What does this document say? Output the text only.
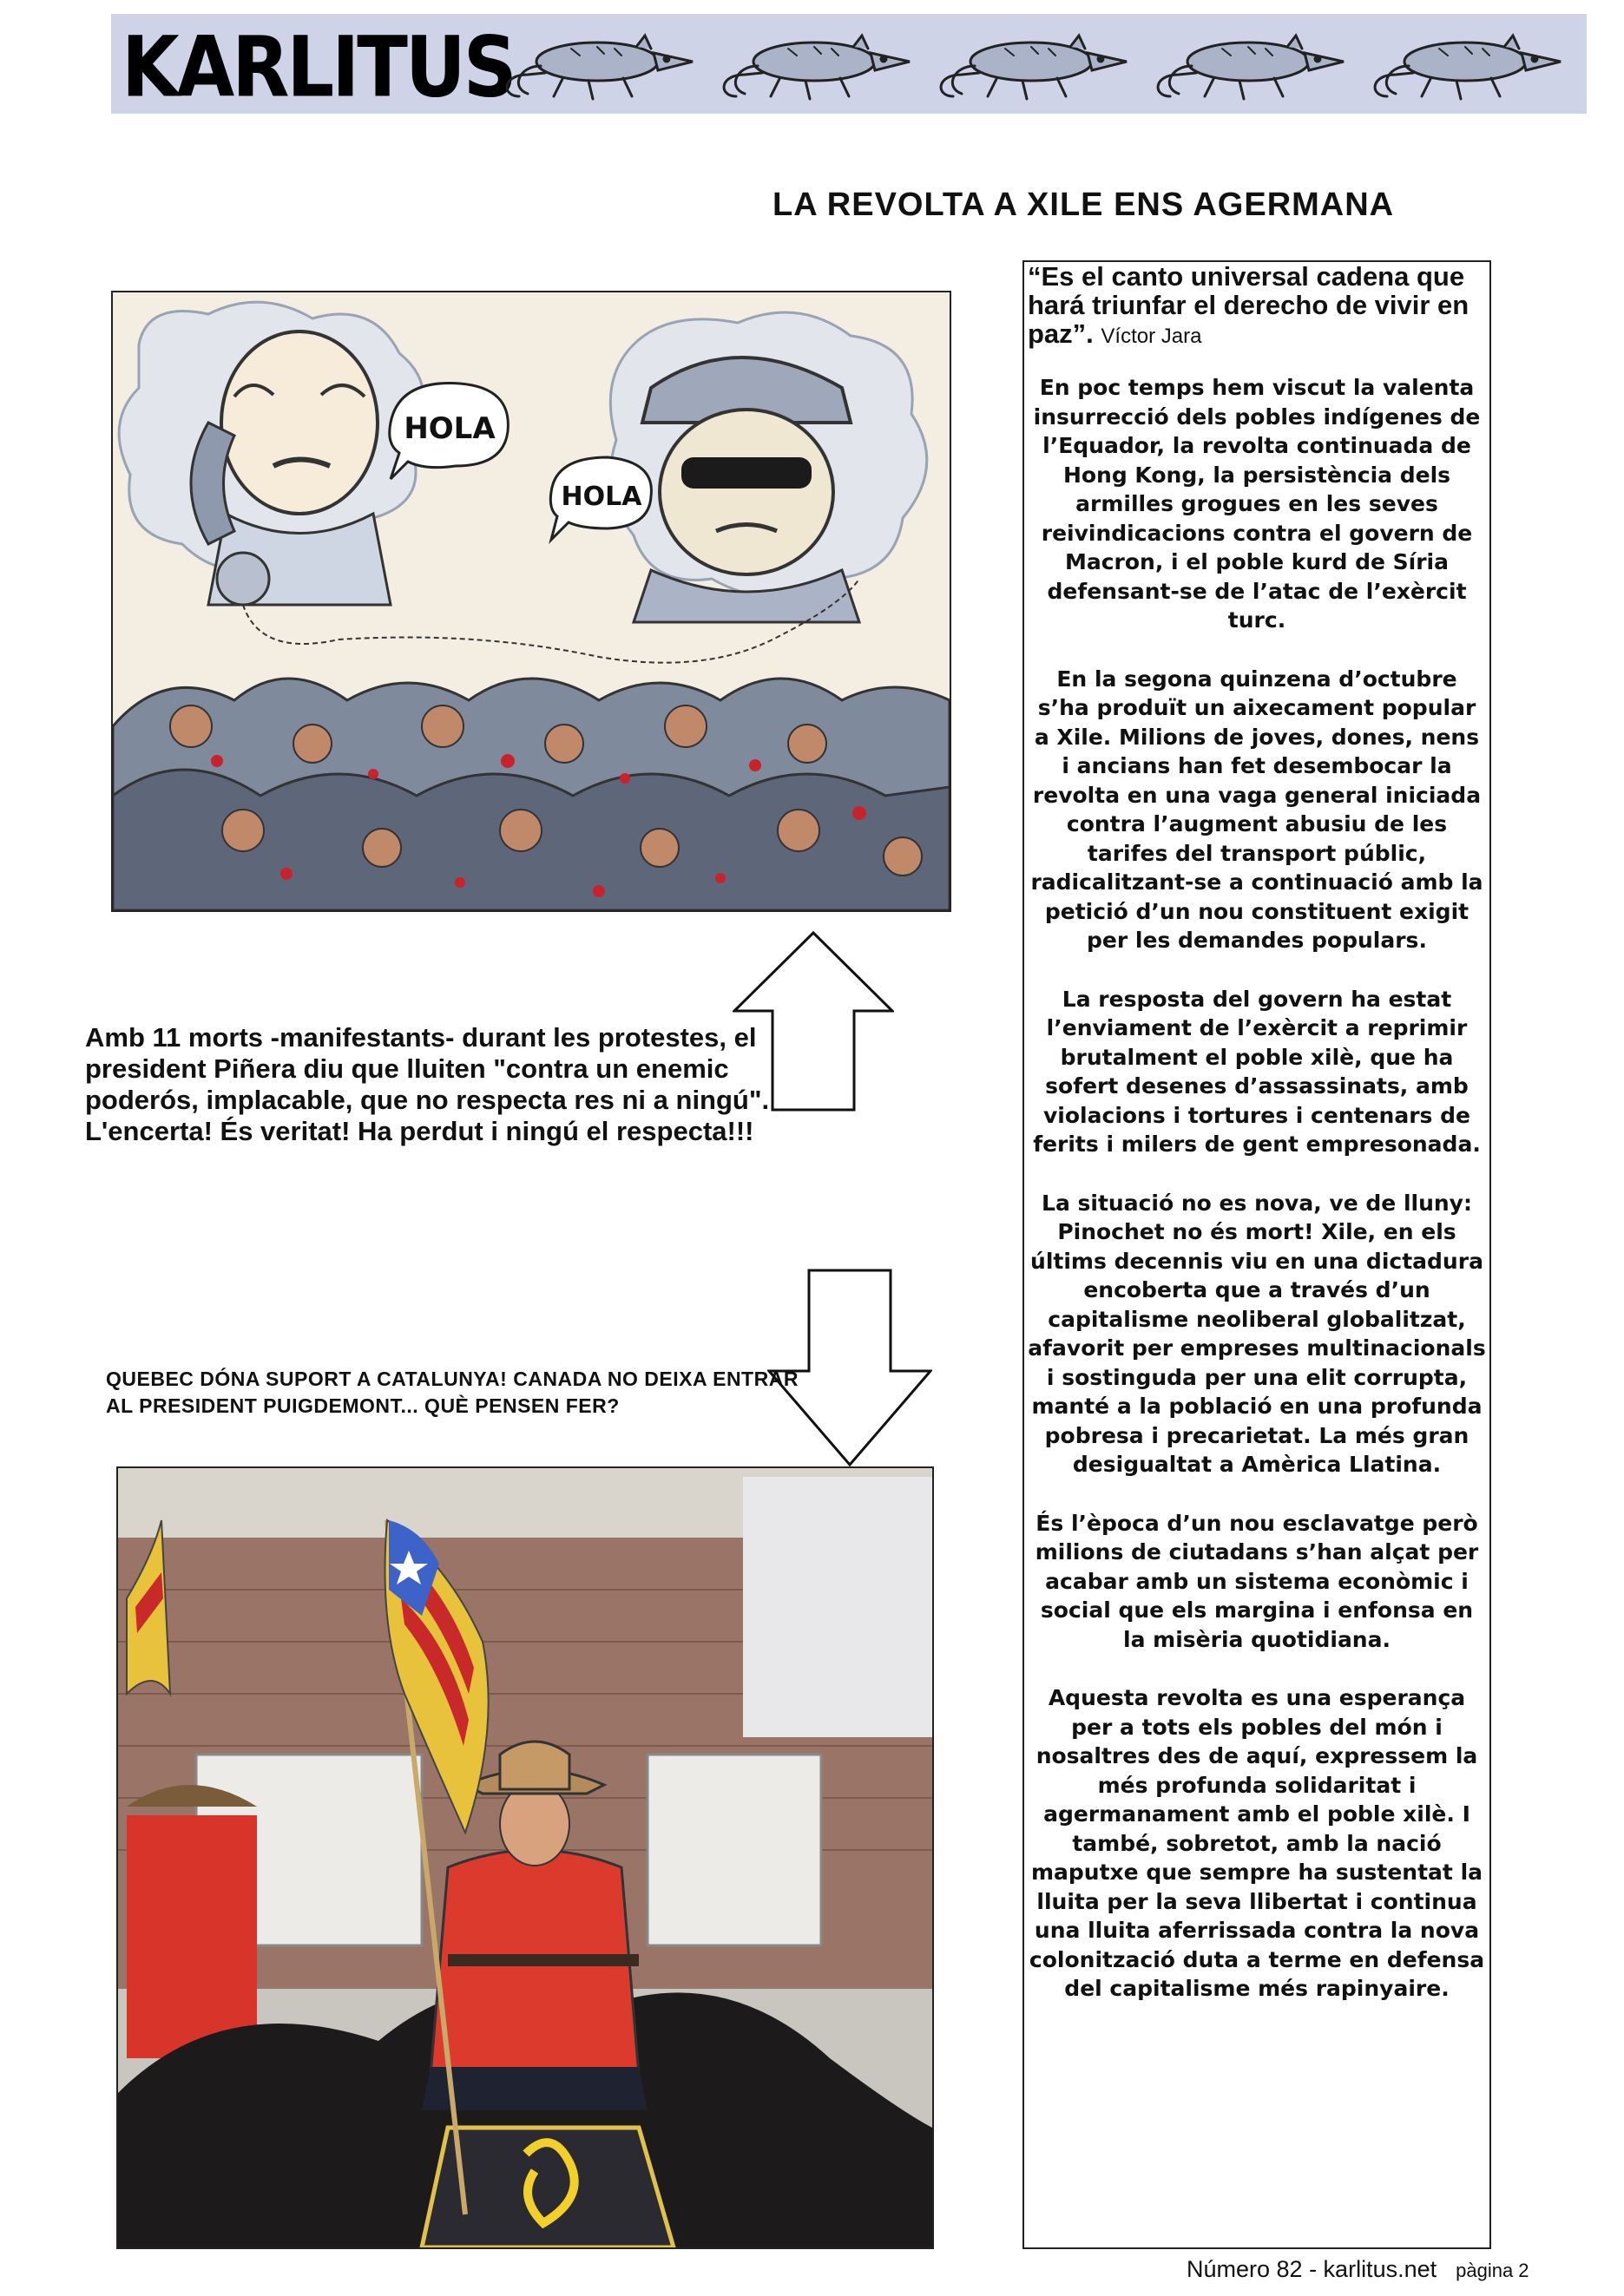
KARLITUS
LA REVOLTA A XILE ENS AGERMANA
HOLA
HOLA

Amb 11 morts -manifestants- durant les protestes, el

president Piñera diu que lluiten "contra un enemic

poderós, implacable, que no respecta res ni a ningú".

L'encerta! És veritat! Ha perdut i ningú el respecta!!!

QUEBEC DÓNA SUPORT A CATALUNYA! CANADA NO DEIXA ENTRAR

AL PRESIDENT PUIGDEMONT... QUÈ PENSEN FER?

“Es el canto universal cadena que hará triunfar el derecho de vivir en paz”. Víctor Jara

En poc temps hem viscut la valenta insurrecció dels pobles indígenes de l’Equador, la revolta continuada de Hong Kong, la persistència dels armilles grogues en les seves reivindicacions contra el govern de Macron, i el poble kurd de Síria defensant-se de l’atac de l’exèrcit turc.

En la segona quinzena d’octubre s’ha produït un aixecament popular a Xile. Milions de joves, dones, nens i ancians han fet desembocar la revolta en una vaga general iniciada contra l’augment abusiu de les tarifes del transport públic, radicalitzant-se a continuació amb la petició d’un nou constituent exigit per les demandes populars.

La resposta del govern ha estat l’enviament de l’exèrcit a reprimir brutalment el poble xilè, que ha sofert desenes d’assassinats, amb violacions i tortures i centenars de ferits i milers de gent empresonada.

La situació no es nova, ve de lluny: Pinochet no és mort! Xile, en els últims decennis viu en una dictadura encoberta que a través d’un capitalisme neoliberal globalitzat, afavorit per empreses multinacionals i sostinguda per una elit corrupta, manté a la població en una profunda pobresa i precarietat. La més gran desigualtat a Amèrica Llatina.

És l’època d’un nou esclavatge però milions de ciutadans s’han alçat per acabar amb un sistema econòmic i social que els margina i enfonsa en la misèria quotidiana.

Aquesta revolta es una esperança per a tots els pobles del món i nosaltres des de aquí, expressem la més profunda solidaritat i agermanament amb el poble xilè. I també, sobretot, amb la nació maputxe que sempre ha sustentat la lluita per la seva llibertat i continua una lluita aferrissada contra la nova colonització duta a terme en defensa del capitalisme més rapinyaire.

Número 82 - karlitus.net pàgina 2
